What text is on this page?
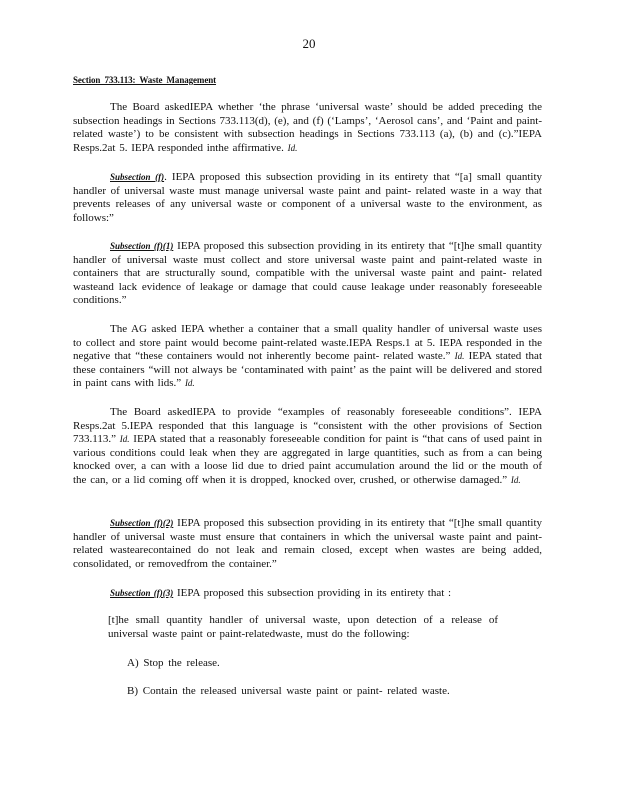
20
Section 733.113: Waste Management

The Board askedIEPA whether ‘the phrase ‘universal waste’ should be added preceding the subsection headings in Sections 733.113(d), (e), and (f) (‘Lamps’, ‘Aerosol cans’, and ‘Paint and paint-related waste’) to be consistent with subsection headings in Sections 733.113 (a), (b) and (c).”IEPA Resps.2at 5. IEPA responded inthe affirmative. Id.

Subsection (f). IEPA proposed this subsection providing in its entirety that “[a] small quantity handler of universal waste must manage universal waste paint and paint- related waste in a way that prevents releases of any universal waste or component of a universal waste to the environment, as follows:”

Subsection (f)(1) IEPA proposed this subsection providing in its entirety that “[t]he small quantity handler of universal waste must collect and store universal waste paint and paint-related waste in containers that are structurally sound, compatible with the universal waste paint and paint- related wasteand lack evidence of leakage or damage that could cause leakage under reasonably foreseeable conditions.”

The AG asked IEPA whether a container that a small quality handler of universal waste uses to collect and store paint would become paint-related waste.IEPA Resps.1 at 5. IEPA responded in the negative that “these containers would not inherently become paint- related waste.” Id. IEPA stated that these containers “will not always be ‘contaminated with paint’ as the paint will be delivered and stored in paint cans with lids.” Id.

The Board askedIEPA to provide “examples of reasonably foreseeable conditions”. IEPA Resps.2at 5.IEPA responded that this language is “consistent with the other provisions of Section 733.113.” Id. IEPA stated that a reasonably foreseeable condition for paint is “that cans of used paint in various conditions could leak when they are aggregated in large quantities, such as from a can being knocked over, a can with a loose lid due to dried paint accumulation around the lid or the mouth of the can, or a lid coming off when it is dropped, knocked over, crushed, or otherwise damaged.” Id.

Subsection (f)(2) IEPA proposed this subsection providing in its entirety that “[t]he small quantity handler of universal waste must ensure that containers in which the universal waste paint and paint- related wastearecontained do not leak and remain closed, except when wastes are being added, consolidated, or removedfrom the container.”

Subsection (f)(3) IEPA proposed this subsection providing in its entirety that :

[t]he small quantity handler of universal waste, upon detection of a release of universal waste paint or paint-relatedwaste, must do the following:
A) Stop the release.
B) Contain the released universal waste paint or paint- related waste.
